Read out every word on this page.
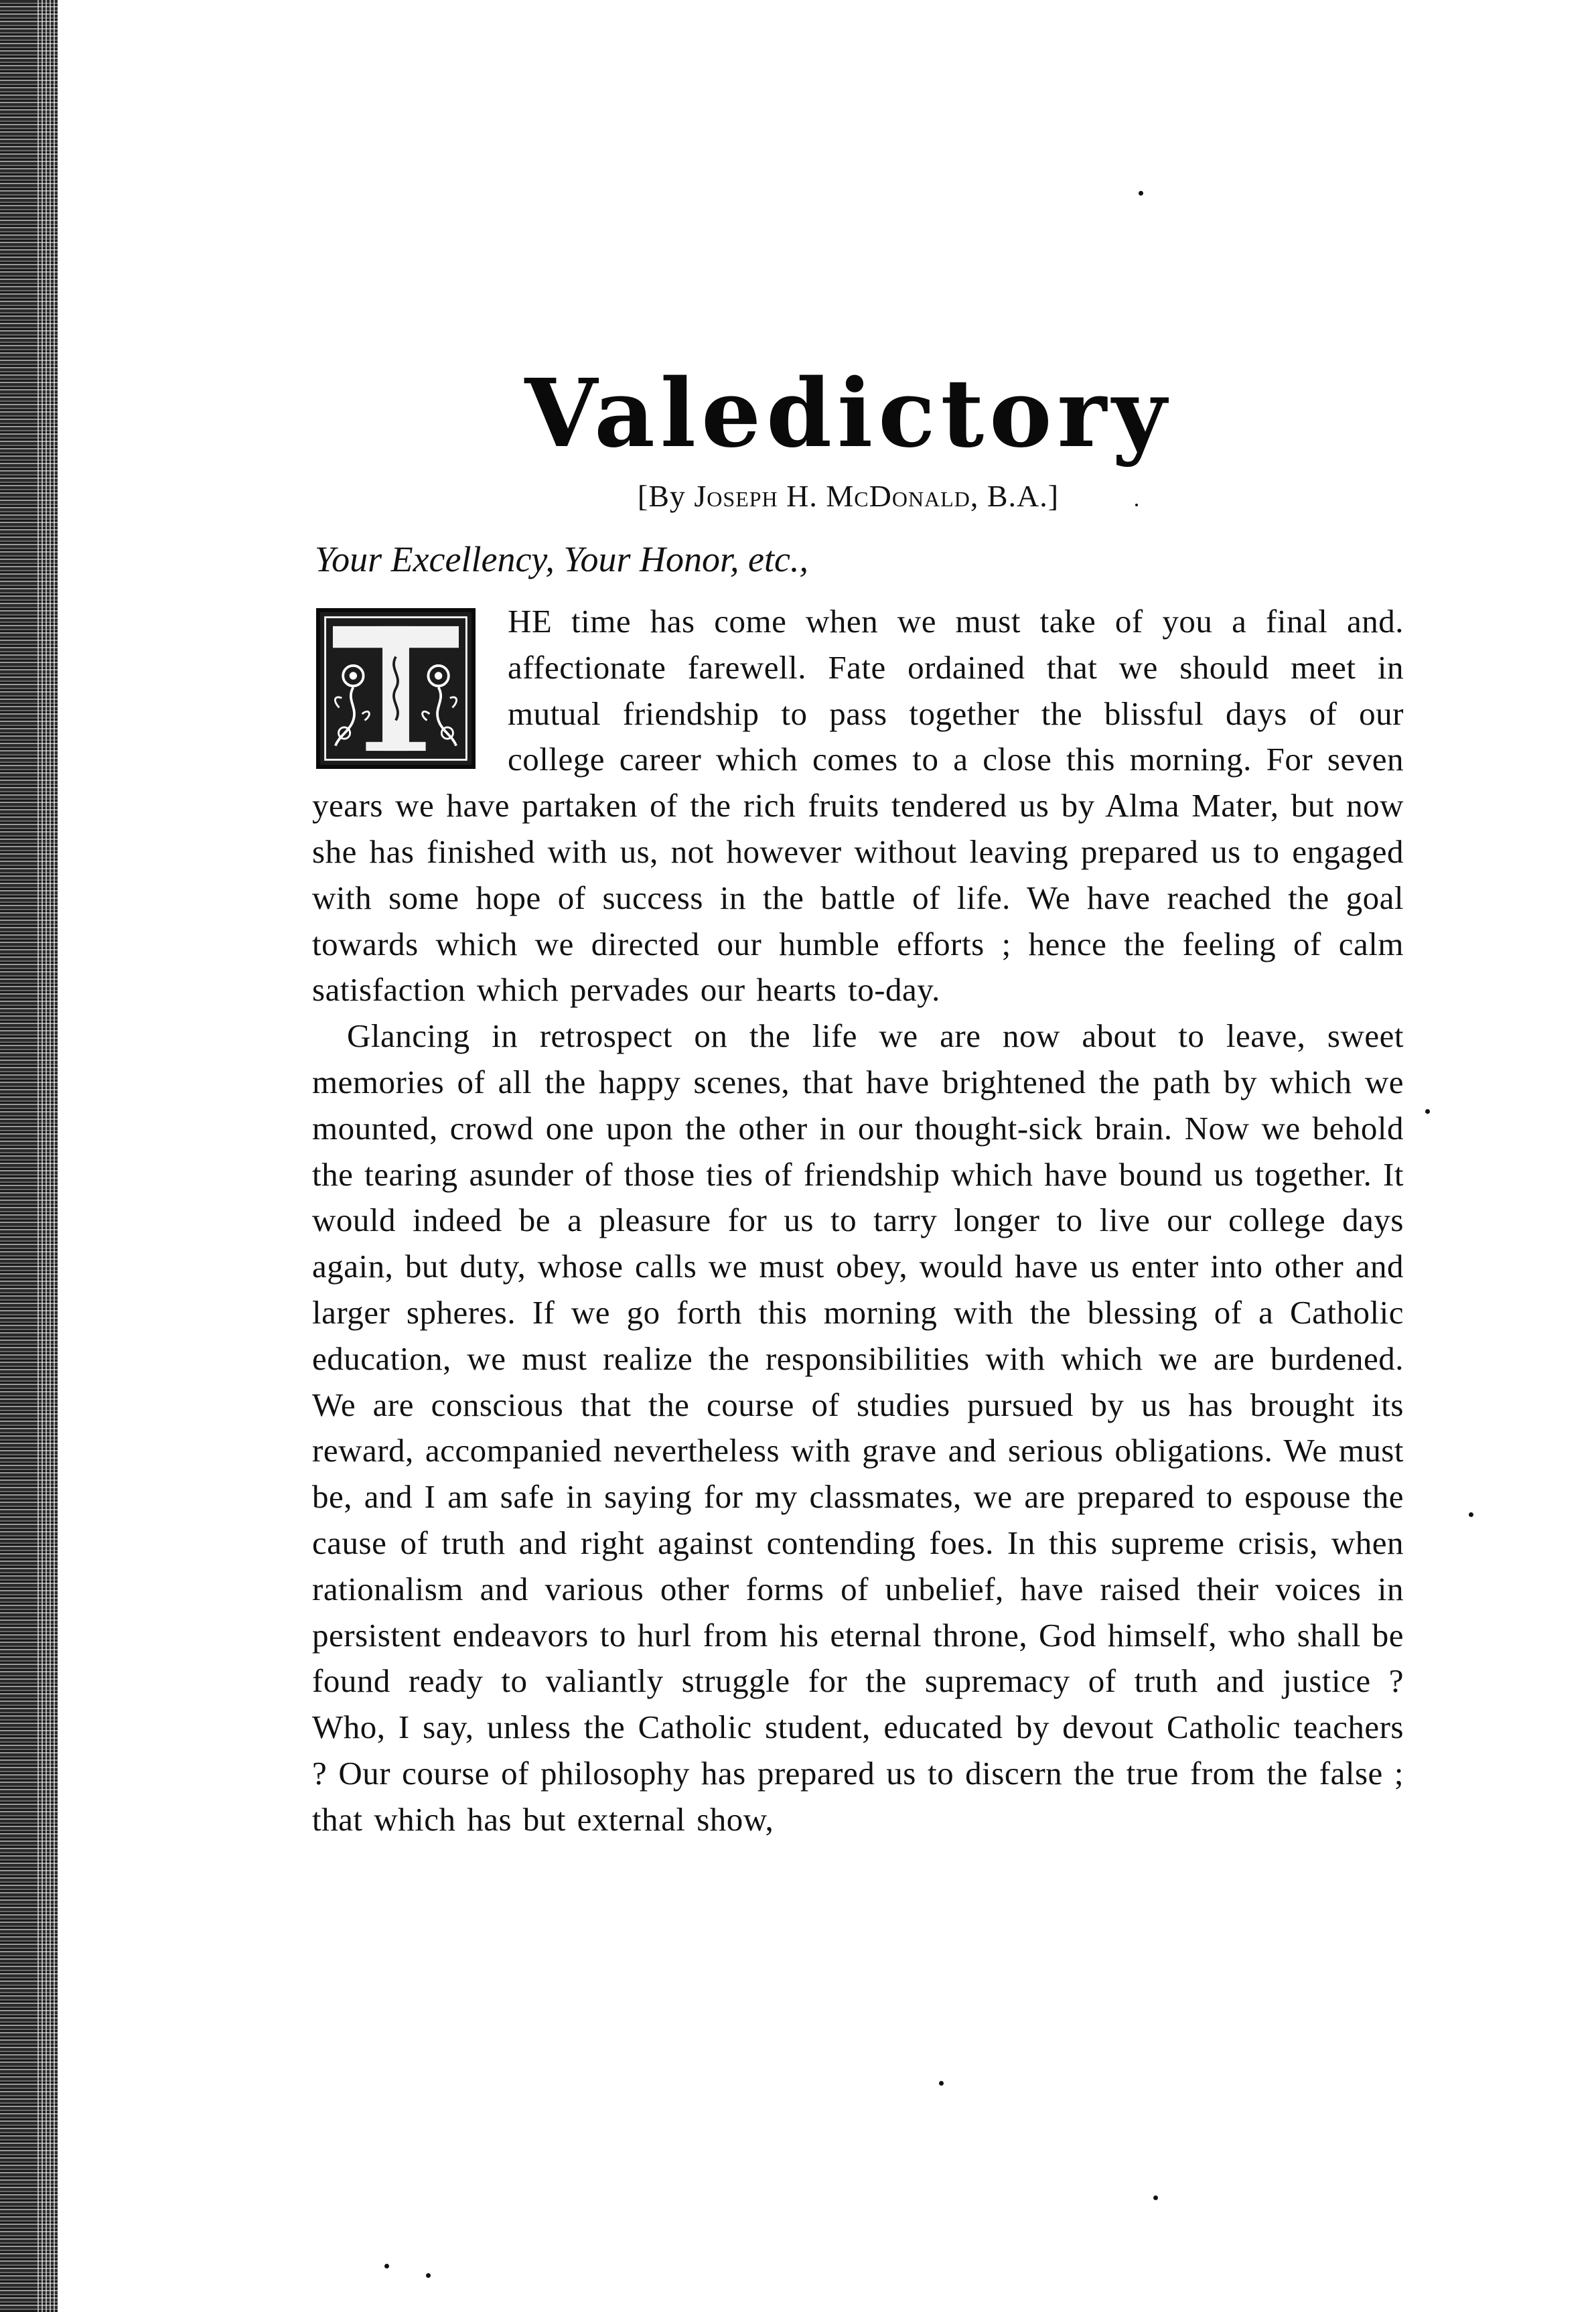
Valedictory
[By Joseph H. McDonald, B.A.]
Your Excellency, Your Honor, etc.,

HE time has come when we must take of you a final and. affectionate farewell. Fate ordained that we should meet in mutual friendship to pass together the blissful days of our college career which comes to a close this morning. For seven years we have partaken of the rich fruits tendered us by Alma Mater, but now she has finished with us, not however without leaving prepared us to engaged with some hope of success in the battle of life. We have reached the goal towards which we directed our humble efforts ; hence the feeling of calm satisfaction which pervades our hearts to-day.

Glancing in retrospect on the life we are now about to leave, sweet memories of all the happy scenes, that have brightened the path by which we mounted, crowd one upon the other in our thought-sick brain. Now we behold the tearing asunder of those ties of friendship which have bound us together. It would indeed be a pleasure for us to tarry longer to live our college days again, but duty, whose calls we must obey, would have us enter into other and larger spheres. If we go forth this morning with the blessing of a Catholic education, we must realize the responsibilities with which we are burdened. We are conscious that the course of studies pursued by us has brought its reward, accompanied nevertheless with grave and serious obligations. We must be, and I am safe in saying for my classmates, we are prepared to espouse the cause of truth and right against contending foes. In this supreme crisis, when rationalism and various other forms of unbelief, have raised their voices in persistent endeavors to hurl from his eternal throne, God himself, who shall be found ready to valiantly struggle for the supremacy of truth and justice ? Who, I say, unless the Catholic student, educated by devout Catholic teachers ? Our course of philosophy has prepared us to discern the true from the false ; that which has but external show,
